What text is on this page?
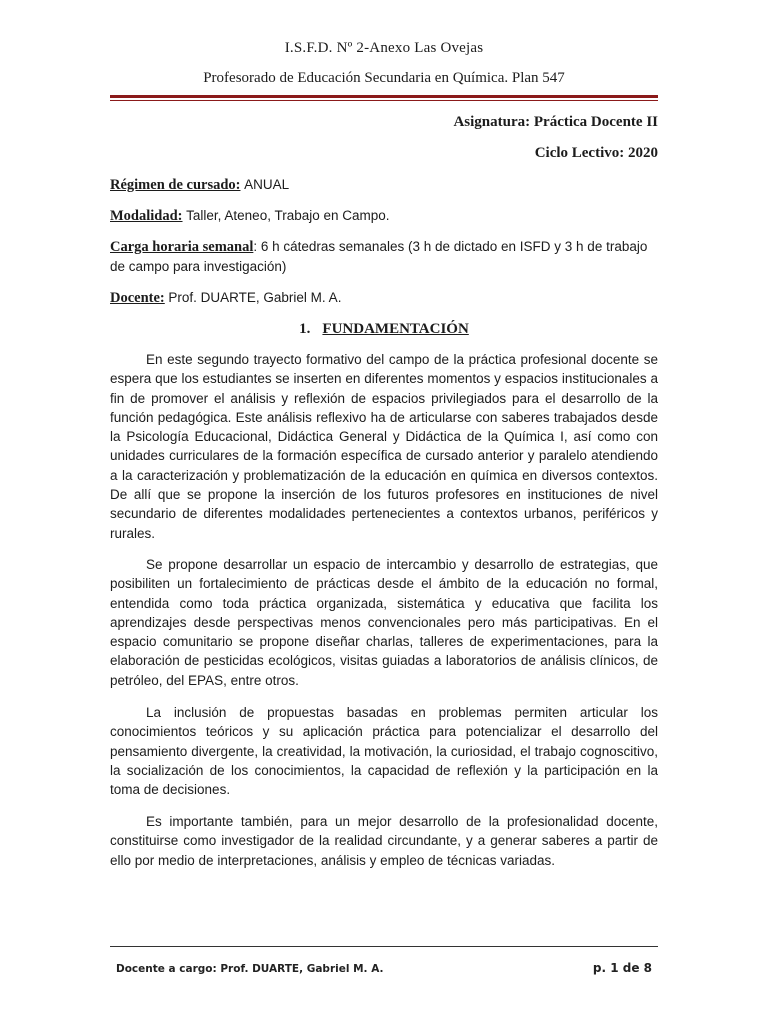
I.S.F.D. Nº 2-Anexo Las Ovejas
Profesorado de Educación Secundaria en Química. Plan 547
Asignatura: Práctica Docente II
Ciclo Lectivo: 2020
Régimen de cursado: ANUAL
Modalidad: Taller, Ateneo, Trabajo en Campo.
Carga horaria semanal: 6 h cátedras semanales (3 h de dictado en ISFD y 3 h de trabajo de campo para investigación)
Docente: Prof. DUARTE, Gabriel M. A.
1. FUNDAMENTACIÓN

En este segundo trayecto formativo del campo de la práctica profesional docente se espera que los estudiantes se inserten en diferentes momentos y espacios institucionales a fin de promover el análisis y reflexión de espacios privilegiados para el desarrollo de la función pedagógica. Este análisis reflexivo ha de articularse con saberes trabajados desde la Psicología Educacional, Didáctica General y Didáctica de la Química I, así como con unidades curriculares de la formación específica de cursado anterior y paralelo atendiendo a la caracterización y problematización de la educación en química en diversos contextos. De allí que se propone la inserción de los futuros profesores en instituciones de nivel secundario de diferentes modalidades pertenecientes a contextos urbanos, periféricos y rurales.

Se propone desarrollar un espacio de intercambio y desarrollo de estrategias, que posibiliten un fortalecimiento de prácticas desde el ámbito de la educación no formal, entendida como toda práctica organizada, sistemática y educativa que facilita los aprendizajes desde perspectivas menos convencionales pero más participativas. En el espacio comunitario se propone diseñar charlas, talleres de experimentaciones, para la elaboración de pesticidas ecológicos, visitas guiadas a laboratorios de análisis clínicos, de petróleo, del EPAS, entre otros.

La inclusión de propuestas basadas en problemas permiten articular los conocimientos teóricos y su aplicación práctica para potencializar el desarrollo del pensamiento divergente, la creatividad, la motivación, la curiosidad, el trabajo cognoscitivo, la socialización de los conocimientos, la capacidad de reflexión y la participación en la toma de decisiones.

Es importante también, para un mejor desarrollo de la profesionalidad docente, constituirse como investigador de la realidad circundante, y a generar saberes a partir de ello por medio de interpretaciones, análisis y empleo de técnicas variadas.

Docente a cargo: Prof. DUARTE, Gabriel M. A.	p. 1 de 8
